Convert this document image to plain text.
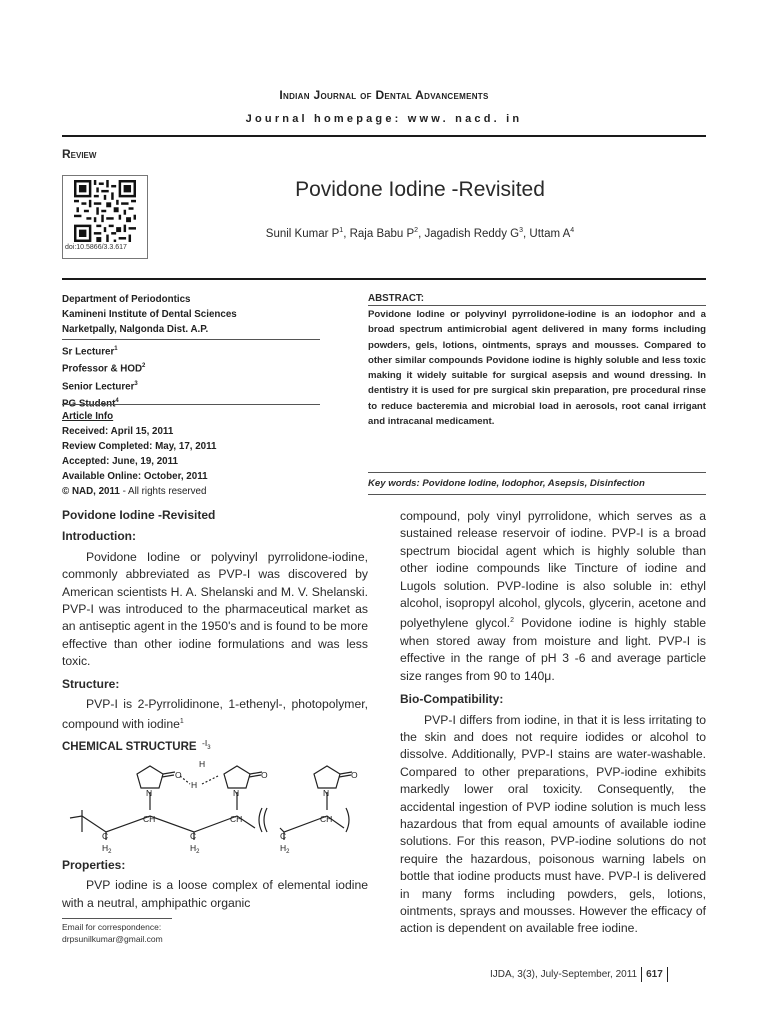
Indian Journal of Dental Advancements
Journal homepage: www. nacd. in
Review
doi:10.5866/3.3.617
Povidone Iodine -Revisited
Sunil Kumar $P^1$, Raja Babu $P^2$, Jagadish Reddy $G^3$, Uttam $A^4$
Department of Periodontics
Kamineni Institute of Dental Sciences
Narketpally, Nalgonda Dist. A.P.
Sr Lecturer$^1$
Professor & HOD$^2$
Senior Lecturer$^3$
$^4$
Article Info
Received: April 15, 2011
Review Completed: May, 17, 2011
Accepted: June, 19, 2011
Available Online: October, 2011
© NAD, 2011 - All rights reserved
ABSTRACT:
Povidone Iodine or polyvinyl pyrrolidone-iodine is an iodophor and a broad spectrum antimicrobial agent delivered in many forms including powders, gels, lotions, ointments, sprays and mousses. Compared to other similar compounds Povidone iodine is highly soluble and less toxic making it widely suitable for surgical asepsis and wound dressing. In dentistry it is used for pre surgical skin preparation, pre procedural rinse to reduce bacteremia and microbial load in aerosols, root canal irrigant and intracanal medicament.
Key words: Povidone Iodine, Iodophor, Asepsis, Disinfection

Povidone Iodine -Revisited

Introduction:

Povidone Iodine or polyvinyl pyrrolidone-iodine, commonly abbreviated as PVP-I was discovered by American scientists H. A. Shelanski and M. V. Shelanski. PVP-I was introduced to the pharmaceutical market as an antiseptic agent in the 1950's and is found to be more effective than other iodine formulations and was less toxic.

Structure:

PVP-I is 2-Pyrrolidinone, 1-ethenyl-, photopolymer, compound with iodine$^1$

CHEMICAL STRUCTURE $-I_3$
H
N	N	N
O
H
O	O
CH	CH	CH
C	C	C
$H_2$	$H_2$	$H_2$

Properties:

PVP iodine is a loose complex of elemental iodine with a neutral, amphipathic organic

Email for correspondence:
drpsunilkumar@gmail.com

compound, poly vinyl pyrrolidone, which serves as a sustained release reservoir of iodine. PVP-I is a broad spectrum biocidal agent which is highly soluble than other iodine compounds like Tincture of iodine and Lugols solution. PVP-Iodine is also soluble in: ethyl alcohol, isopropyl alcohol, glycols, glycerin, acetone and polyethylene glycol.$^2$ Povidone iodine is highly stable when stored away from moisture and light. PVP-I is effective in the range of pH 3 -6 and average particle size ranges from 90 to 140μ.

Bio-Compatibility:

PVP-I differs from iodine, in that it is less irritating to the skin and does not require iodides or alcohol to dissolve. Additionally, PVP-I stains are water-washable. Compared to other preparations, PVP-iodine exhibits markedly lower oral toxicity. Consequently, the accidental ingestion of PVP iodine solution is much less hazardous that from equal amounts of available iodine solutions. For this reason, PVP-iodine solutions do not require the hazardous, poisonous warning labels on bottle that iodine products must have. PVP-I is delivered in many forms including powders, gels, lotions, ointments, sprays and mousses. However the efficacy of action is dependent on available free iodine.

IJDA, 3(3), July-September, 2011 617
